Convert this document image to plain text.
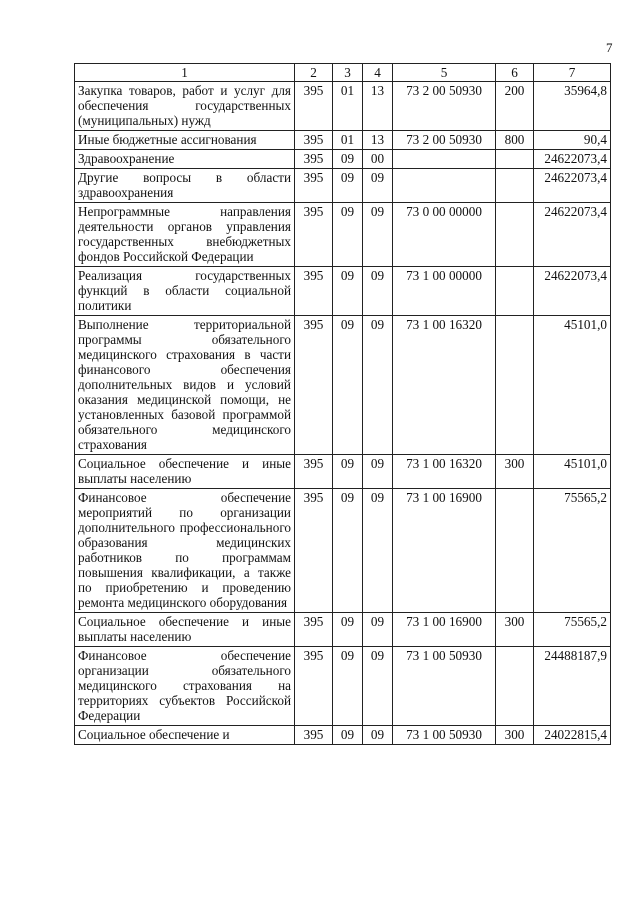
7
1	2	3	4	5	6	7
Закупка товаров, работ и услуг для обеспечения государственных (муниципальных) нужд	395	01	13	73 2 00 50930	200	35964,8
Иные бюджетные ассигнования	395	01	13	73 2 00 50930	800	90,4
Здравоохранение	395	09	00			24622073,4
Другие вопросы в области здравоохранения	395	09	09			24622073,4
Непрограммные направления деятельности органов управления государственных внебюджетных фондов Российской Федерации	395	09	09	73 0 00 00000		24622073,4
Реализация государственных функций в области социальной политики	395	09	09	73 1 00 00000		24622073,4
Выполнение территориальной программы обязательного медицинского страхования в части финансового обеспечения дополнительных видов и условий оказания медицинской помощи, не установленных базовой программой обязательного медицинского страхования	395	09	09	73 1 00 16320		45101,0
Социальное обеспечение и иные выплаты населению	395	09	09	73 1 00 16320	300	45101,0
Финансовое обеспечение мероприятий по организации дополнительного профессионального образования медицинских работников по программам повышения квалификации, а также по приобретению и проведению ремонта медицинского оборудования	395	09	09	73 1 00 16900		75565,2
Социальное обеспечение и иные выплаты населению	395	09	09	73 1 00 16900	300	75565,2
Финансовое обеспечение организации обязательного медицинского страхования на территориях субъектов Российской Федерации	395	09	09	73 1 00 50930		24488187,9
Социальное обеспечение и	395	09	09	73 1 00 50930	300	24022815,4
